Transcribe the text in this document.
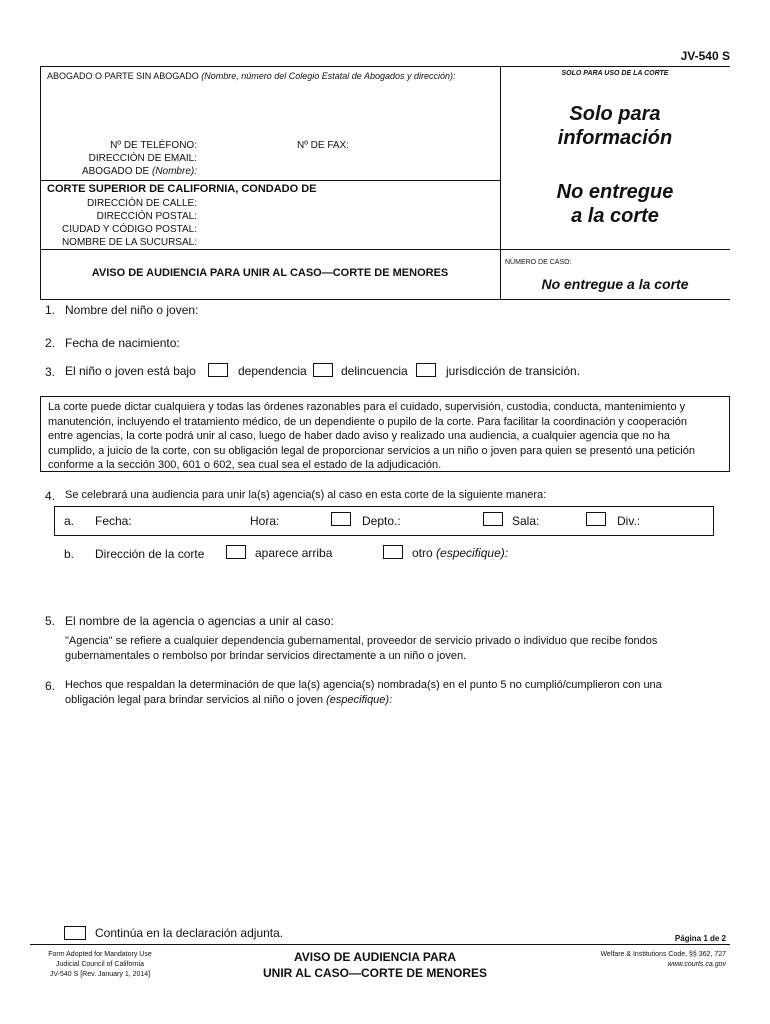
JV-540 S
ABOGADO O PARTE SIN ABOGADO (Nombre, número del Colegio Estatal de Abogados y dirección):
Nº DE TELÉFONO:	Nº DE FAX:
DIRECCIÓN DE EMAIL:
ABOGADO DE (Nombre):
SOLO PARA USO DE LA CORTE
Solo para
información
No entregue
a la corte
CORTE SUPERIOR DE CALIFORNIA, CONDADO DE
DIRECCIÓN DE CALLE:
DIRECCIÓN POSTAL:
CIUDAD Y CÓDIGO POSTAL:
NOMBRE DE LA SUCURSAL:
AVISO DE AUDIENCIA PARA UNIR AL CASO—CORTE DE MENORES
NÚMERO DE CASO:
No entregue a la corte
1. Nombre del niño o joven:
2. Fecha de nacimiento:
3. El niño o joven está bajo	dependencia	delincuencia	jurisdicción de transición.
La corte puede dictar cualquiera y todas las órdenes razonables para el cuidado, supervisión, custodia, conducta, mantenimiento y
manutención, incluyendo el tratamiento médico, de un dependiente o pupilo de la corte. Para facilitar la coordinación y cooperación
entre agencias, la corte podrá unir al caso, luego de haber dado aviso y realizado una audiencia, a cualquier agencia que no ha
cumplido, a juicio de la corte, con su obligación legal de proporcionar servicios a un niño o joven para quien se presentó una petición
conforme a la sección 300, 601 o 602, sea cual sea el estado de la adjudicación.
4. Se celebrará una audiencia para unir la(s) agencia(s) al caso en esta corte de la siguiente manera:
a. Fecha:	Hora:	Depto.:	Sala:	Div.:
b. Dirección de la corte	aparece arriba	otro (especifique):
5. El nombre de la agencia o agencias a unir al caso:
"Agencia" se refiere a cualquier dependencia gubernamental, proveedor de servicio privado o individuo que recibe fondos
gubernamentales o rembolso por brindar servicios directamente a un niño o joven.
6. Hechos que respaldan la determinación de que la(s) agencia(s) nombrada(s) en el punto 5 no cumplió/cumplieron con una
obligación legal para brindar servicios al niño o joven (especifique):
Continúa en la declaración adjunta.	Página 1 de 2
Form Adopted for Mandatory Use
Judicial Council of California
JV-540 S [Rev. January 1, 2014]
AVISO DE AUDIENCIA PARA
UNIR AL CASO—CORTE DE MENORES
Welfare & Institutions Code, §§ 362, 727
www.courts.ca.gov
